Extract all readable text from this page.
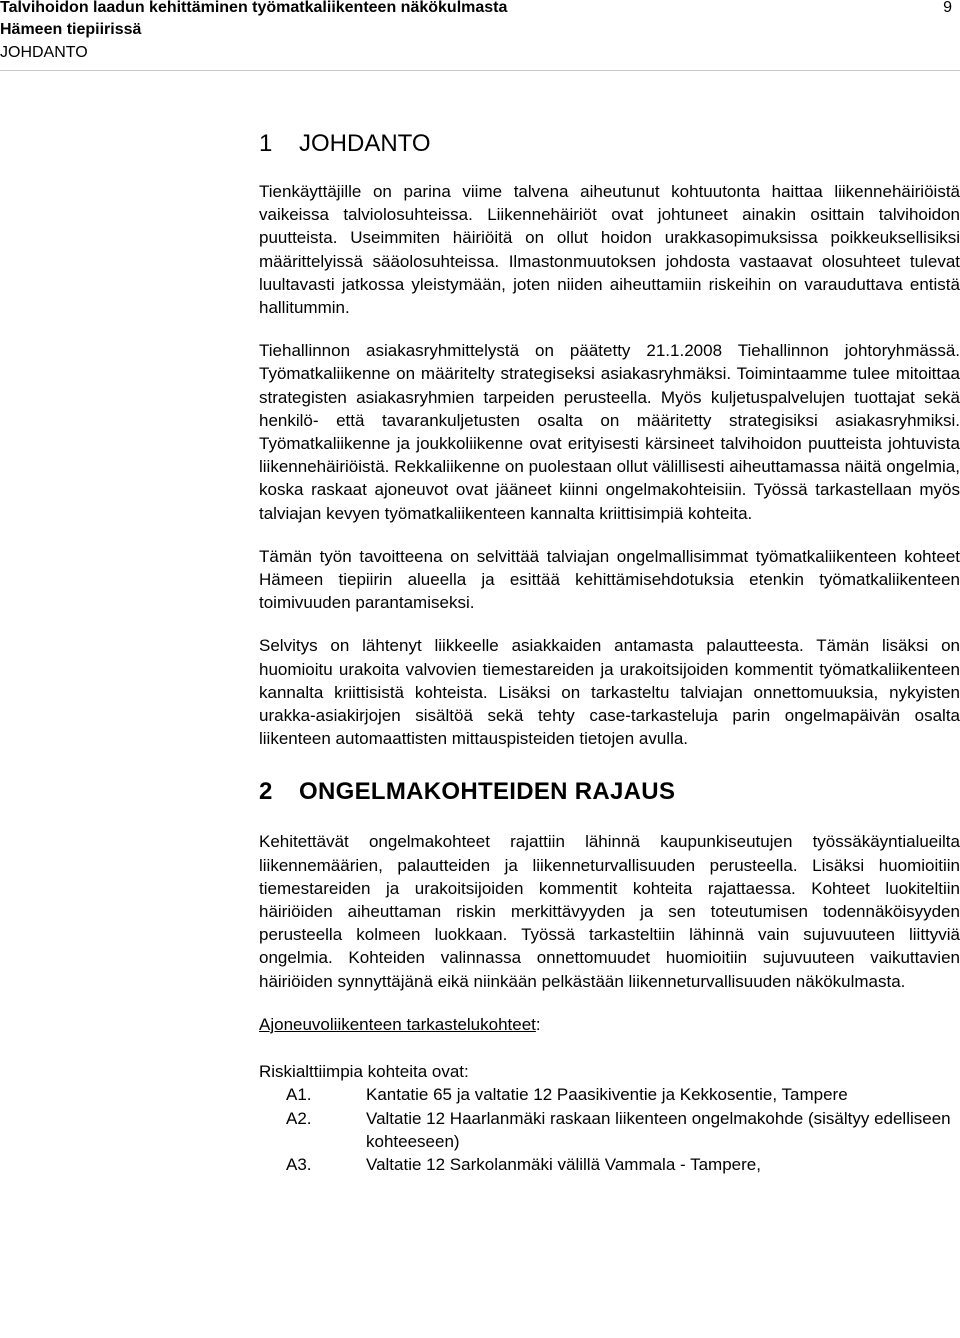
Talvihoidon laadun kehittäminen työmatkaliikenteen näkökulmasta
Hämeen tiepiirissä
JOHDANTO
9
1 JOHDANTO

Tienkäyttäjille on parina viime talvena aiheutunut kohtuutonta haittaa liikennehäiriöistä vaikeissa talviolosuhteissa. Liikennehäiriöt ovat johtuneet ainakin osittain talvihoidon puutteista. Useimmiten häiriöitä on ollut hoidon urakkasopimuksissa poikkeuksellisiksi määrittelyissä sääolosuhteissa. Ilmastonmuutoksen johdosta vastaavat olosuhteet tulevat luultavasti jatkossa yleistymään, joten niiden aiheuttamiin riskeihin on varauduttava entistä hallitummin.

Tiehallinnon asiakasryhmittelystä on päätetty 21.1.2008 Tiehallinnon johtoryhmässä. Työmatkaliikenne on määritelty strategiseksi asiakasryhmäksi. Toimintaamme tulee mitoittaa strategisten asiakasryhmien tarpeiden perusteella. Myös kuljetuspalvelujen tuottajat sekä henkilö- että tavarankuljetusten osalta on määritetty strategisiksi asiakasryhmiksi. Työmatkaliikenne ja joukkoliikenne ovat erityisesti kärsineet talvihoidon puutteista johtuvista liikennehäiriöistä. Rekkaliikenne on puolestaan ollut välillisesti aiheuttamassa näitä ongelmia, koska raskaat ajoneuvot ovat jääneet kiinni ongelmakohteisiin. Työssä tarkastellaan myös talviajan kevyen työmatkaliikenteen kannalta kriittisimpiä kohteita.

Tämän työn tavoitteena on selvittää talviajan ongelmallisimmat työmatkaliikenteen kohteet Hämeen tiepiirin alueella ja esittää kehittämisehdotuksia etenkin työmatkaliikenteen toimivuuden parantamiseksi.

Selvitys on lähtenyt liikkeelle asiakkaiden antamasta palautteesta. Tämän lisäksi on huomioitu urakoita valvovien tiemestareiden ja urakoitsijoiden kommentit työmatkaliikenteen kannalta kriittisistä kohteista. Lisäksi on tarkasteltu talviajan onnettomuuksia, nykyisten urakka-asiakirjojen sisältöä sekä tehty case-tarkasteluja parin ongelmapäivän osalta liikenteen automaattisten mittauspisteiden tietojen avulla.

2 ONGELMAKOHTEIDEN RAJAUS

Kehitettävät ongelmakohteet rajattiin lähinnä kaupunkiseutujen työssäkäyntialueilta liikennemäärien, palautteiden ja liikenneturvallisuuden perusteella. Lisäksi huomioitiin tiemestareiden ja urakoitsijoiden kommentit kohteita rajattaessa. Kohteet luokiteltiin häiriöiden aiheuttaman riskin merkittävyyden ja sen toteutumisen todennäköisyyden perusteella kolmeen luokkaan. Työssä tarkasteltiin lähinnä vain sujuvuuteen liittyviä ongelmia. Kohteiden valinnassa onnettomuudet huomioitiin sujuvuuteen vaikuttavien häiriöiden synnyttäjänä eikä niinkään pelkästään liikenneturvallisuuden näkökulmasta.

Ajoneuvoliikenteen tarkastelukohteet:

Riskialttiimpia kohteita ovat:
A1.	Kantatie 65 ja valtatie 12 Paasikiventie ja Kekkosentie, Tampere
A2.	Valtatie 12 Haarlanmäki raskaan liikenteen ongelmakohde (sisältyy edelliseen kohteeseen)
A3.	Valtatie 12 Sarkolanmäki välillä Vammala - Tampere,
